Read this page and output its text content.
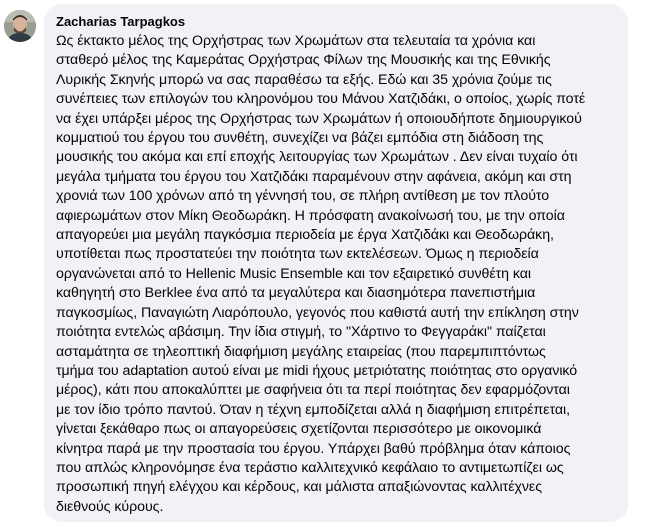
Zacharias Tarpagkos

Ως έκτακτο μέλος της Ορχήστρας των Χρωμάτων στα τελευταία τα χρόνια και
σταθερό μέλος της Καμεράτας Ορχήστρας Φίλων της Μουσικής και της Εθνικής
Λυρικής Σκηνής μπορώ να σας παραθέσω τα εξής. Εδώ και 35 χρόνια ζούμε τις
συνέπειες των επιλογών του κληρονόμου του Μάνου Χατζιδάκι, ο οποίος, χωρίς ποτέ
να έχει υπάρξει μέρος της Ορχήστρας των Χρωμάτων ή οποιουδήποτε δημιουργικού
κομματιού του έργου του συνθέτη, συνεχίζει να βάζει εμπόδια στη διάδοση της
μουσικής του ακόμα και επί εποχής λειτουργίας των Χρωμάτων . Δεν είναι τυχαίο ότι
μεγάλα τμήματα του έργου του Χατζιδάκι παραμένουν στην αφάνεια, ακόμη και στη
χρονιά των 100 χρόνων από τη γέννησή του, σε πλήρη αντίθεση με τον πλούτο
αφιερωμάτων στον Μίκη Θεοδωράκη. Η πρόσφατη ανακοίνωσή του, με την οποία
απαγορεύει μια μεγάλη παγκόσμια περιοδεία με έργα Χατζιδάκι και Θεοδωράκη,
υποτίθεται πως προστατεύει την ποιότητα των εκτελέσεων. Όμως η περιοδεία
οργανώνεται από το Hellenic Music Ensemble και τον εξαιρετικό συνθέτη και
καθηγητή στο Berklee ένα από τα μεγαλύτερα και διασημότερα πανεπιστήμια
παγκοσμίως, Παναγιώτη Λιαρόπουλο, γεγονός που καθιστά αυτή την επίκληση στην
ποιότητα εντελώς αβάσιμη. Την ίδια στιγμή, το "Χάρτινο το Φεγγαράκι" παίζεται
ασταμάτητα σε τηλεοπτική διαφήμιση μεγάλης εταιρείας (που παρεμπιπτόντως
τμήμα του adaptation αυτού είναι με midi ήχους μετριότατης ποιότητας στο οργανικό
μέρος), κάτι που αποκαλύπτει με σαφήνεια ότι τα περί ποιότητας δεν εφαρμόζονται
με τον ίδιο τρόπο παντού. Όταν η τέχνη εμποδίζεται αλλά η διαφήμιση επιτρέπεται,
γίνεται ξεκάθαρο πως οι απαγορεύσεις σχετίζονται περισσότερο με οικονομικά
κίνητρα παρά με την προστασία του έργου. Υπάρχει βαθύ πρόβλημα όταν κάποιος
που απλώς κληρονόμησε ένα τεράστιο καλλιτεχνικό κεφάλαιο το αντιμετωπίζει ως
προσωπική πηγή ελέγχου και κέρδους, και μάλιστα απαξιώνοντας καλλιτέχνες
διεθνούς κύρους.
